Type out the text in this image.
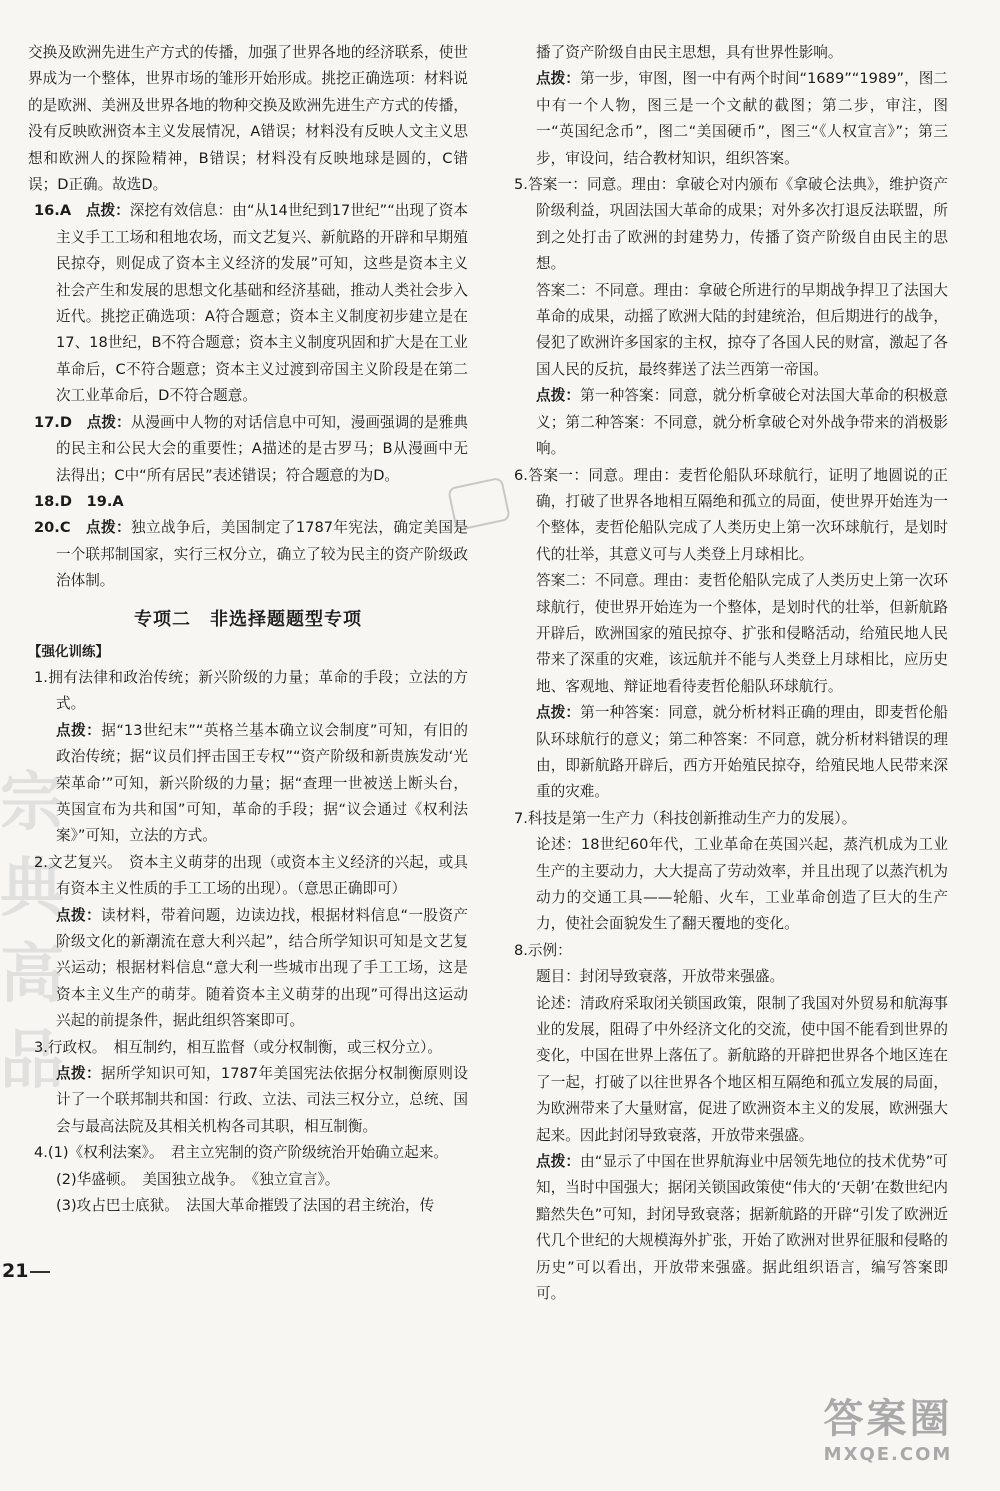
宗
典
高
品

交换及欧洲先进生产方式的传播，加强了世界各地的经济联系，使世界成为一个整体，世界市场的雏形开始形成。挑挖正确选项：材料说的是欧洲、美洲及世界各地的物种交换及欧洲先进生产方式的传播，没有反映欧洲资本主义发展情况，A错误；材料没有反映人文主义思想和欧洲人的探险精神，B错误；材料没有反映地球是圆的，C错误；D正确。故选D。

16.A　 点拨：深挖有效信息：由“从14世纪到17世纪”“出现了资本主义手工工场和租地农场，而文艺复兴、新航路的开辟和早期殖民掠夺，则促成了资本主义经济的发展”可知，这些是资本主义社会产生和发展的思想文化基础和经济基础，推动人类社会步入近代。挑挖正确选项：A符合题意；资本主义制度初步建立是在17、18世纪，B不符合题意；资本主义制度巩固和扩大是在工业革命后，C不符合题意；资本主义过渡到帝国主义阶段是在第二次工业革命后，D不符合题意。

17.D　 点拨：从漫画中人物的对话信息中可知，漫画强调的是雅典的民主和公民大会的重要性；A描述的是古罗马；B从漫画中无法得出；C中“所有居民”表述错误；符合题意的为D。

18.D　19.A

20.C　 点拨：独立战争后，美国制定了1787年宪法，确定美国是一个联邦制国家，实行三权分立，确立了较为民主的资产阶级政治体制。

专项二　非选择题题型专项

【强化训练】

1.拥有法律和政治传统；新兴阶级的力量；革命的手段；立法的方式。

点拨：据“13世纪末”“英格兰基本确立议会制度”可知，有旧的政治传统；据“议员们抨击国王专权”“资产阶级和新贵族发动‘光荣革命’”可知，新兴阶级的力量；据“查理一世被送上断头台，英国宣布为共和国”可知，革命的手段；据“议会通过《权利法案》”可知，立法的方式。

2.文艺复兴。　资本主义萌芽的出现（或资本主义经济的兴起，或具有资本主义性质的手工工场的出现）。（意思正确即可）

点拨：读材料，带着问题，边读边找，根据材料信息“一股资产阶级文化的新潮流在意大利兴起”，结合所学知识可知是文艺复兴运动；根据材料信息“意大利一些城市出现了手工工场，这是资本主义生产的萌芽。随着资本主义萌芽的出现”可得出这运动兴起的前提条件，据此组织答案即可。

3.行政权。　相互制约，相互监督（或分权制衡，或三权分立）。

点拨：据所学知识可知，1787年美国宪法依据分权制衡原则设计了一个联邦制共和国：行政、立法、司法三权分立，总统、国会与最高法院及其相关机构各司其职，相互制衡。

4.(1)《权利法案》。　君主立宪制的资产阶级统治开始确立起来。

(2)华盛顿。　美国独立战争。　《独立宣言》。

(3)攻占巴士底狱。　法国大革命摧毁了法国的君主统治，传

播了资产阶级自由民主思想，具有世界性影响。

点拨：第一步，审图，图一中有两个时间“1689”“1989”，图二中有一个人物，图三是一个文献的截图；第二步，审注，图一“英国纪念币”，图二“美国硬币”，图三“《人权宣言》”；第三步，审设问，结合教材知识，组织答案。

5.答案一：同意。理由：拿破仑对内颁布《拿破仑法典》，维护资产阶级利益，巩固法国大革命的成果；对外多次打退反法联盟，所到之处打击了欧洲的封建势力，传播了资产阶级自由民主的思想。

答案二：不同意。理由：拿破仑所进行的早期战争捍卫了法国大革命的成果，动摇了欧洲大陆的封建统治，但后期进行的战争，侵犯了欧洲许多国家的主权，掠夺了各国人民的财富，激起了各国人民的反抗，最终葬送了法兰西第一帝国。

点拨：第一种答案：同意，就分析拿破仑对法国大革命的积极意义；第二种答案：不同意，就分析拿破仑对外战争带来的消极影响。

6.答案一：同意。理由：麦哲伦船队环球航行，证明了地圆说的正确，打破了世界各地相互隔绝和孤立的局面，使世界开始连为一个整体，麦哲伦船队完成了人类历史上第一次环球航行，是划时代的壮举，其意义可与人类登上月球相比。

答案二：不同意。理由：麦哲伦船队完成了人类历史上第一次环球航行，使世界开始连为一个整体，是划时代的壮举，但新航路开辟后，欧洲国家的殖民掠夺、扩张和侵略活动，给殖民地人民带来了深重的灾难，该远航并不能与人类登上月球相比，应历史地、客观地、辩证地看待麦哲伦船队环球航行。

点拨：第一种答案：同意，就分析材料正确的理由，即麦哲伦船队环球航行的意义；第二种答案：不同意，就分析材料错误的理由，即新航路开辟后，西方开始殖民掠夺，给殖民地人民带来深重的灾难。

7.科技是第一生产力（科技创新推动生产力的发展）。

论述：18世纪60年代，工业革命在英国兴起，蒸汽机成为工业生产的主要动力，大大提高了劳动效率，并且出现了以蒸汽机为动力的交通工具——轮船、火车，工业革命创造了巨大的生产力，使社会面貌发生了翻天覆地的变化。

8.示例：

题目：封闭导致衰落，开放带来强盛。

论述：清政府采取闭关锁国政策，限制了我国对外贸易和航海事业的发展，阻碍了中外经济文化的交流，使中国不能看到世界的变化，中国在世界上落伍了。新航路的开辟把世界各个地区连在了一起，打破了以往世界各个地区相互隔绝和孤立发展的局面，为欧洲带来了大量财富，促进了欧洲资本主义的发展，欧洲强大起来。因此封闭导致衰落，开放带来强盛。

点拨：由“显示了中国在世界航海业中居领先地位的技术优势”可知，当时中国强大；据闭关锁国政策使“伟大的‘天朝’在数世纪内黯然失色”可知，封闭导致衰落；据新航路的开辟“引发了欧洲近代几个世纪的大规模海外扩张，开始了欧洲对世界征服和侵略的历史”可以看出，开放带来强盛。据此组织语言，编写答案即可。

21
答案圈
MXQE.COM
